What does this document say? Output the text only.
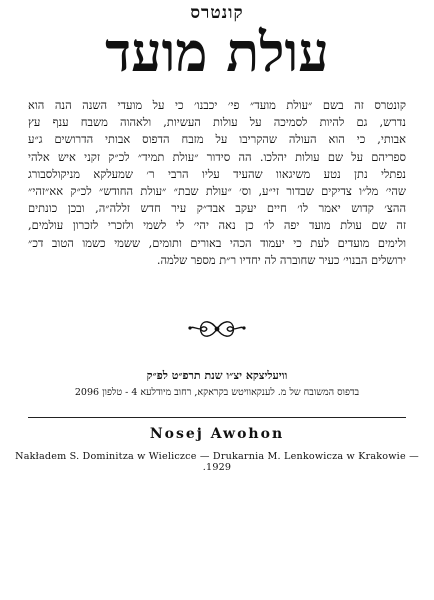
קונטרס
עולת מועד
קונטרס זה בשם ״עולת מועד״ פי׳ יכבנו׳ כי על מועדי השנה הנה הוא
נדרש, גם להיות לסמיכה על עולות העשיות, ולאהוה משבח ענף עץ
אבותי, כי הוא העולה שהקריבו על מזבח הדפוס אבותי הדרושים ג״ע
ספריהם על שם עולות יהלכו. הה סידור ״עולת תמיד״ לכ״ק זקני איש אלהי
נפתלי נתן נטע משיגאוו שהעיד עליו הרבי ר׳ שמעלקא מניקולסבורג
שהי׳ מל״ו צדיקים שבדור זי״ע, וס׳ ״עולת שבת״ ״עולת החודש״ לכ״ק אא״זהי״
ההצ׳ קדוש יאמר לו׳ חיים יעקב אבד״ק עיר חדש זללה״ה, ובכן כונתים
זה שם עולת מועד יפה לו׳ כן נאה יהי׳ לי לשמי ולזכרי לזכרון עולמים,
ולימים מועדים לעת כי יעמוד הכהי באורים ותומים, ששמי כשמו הטוב דכ״
ירושלים הבנוי׳ כעיר שחוברה לה יחדיו ר״ת מספר שלמה.
וויעליצקא יצ״ו שנת תרפ״ט לפ״ק
בדפוס המשובח של מ. לענקאוויטש בקראקא, רחוב מיודלעא 4 - טלפון 2096
Nosej Awohon
Nakładem S. Dominitza w Wieliczce — Drukarnia M. Lenkowicza w Krakowie — .1929
